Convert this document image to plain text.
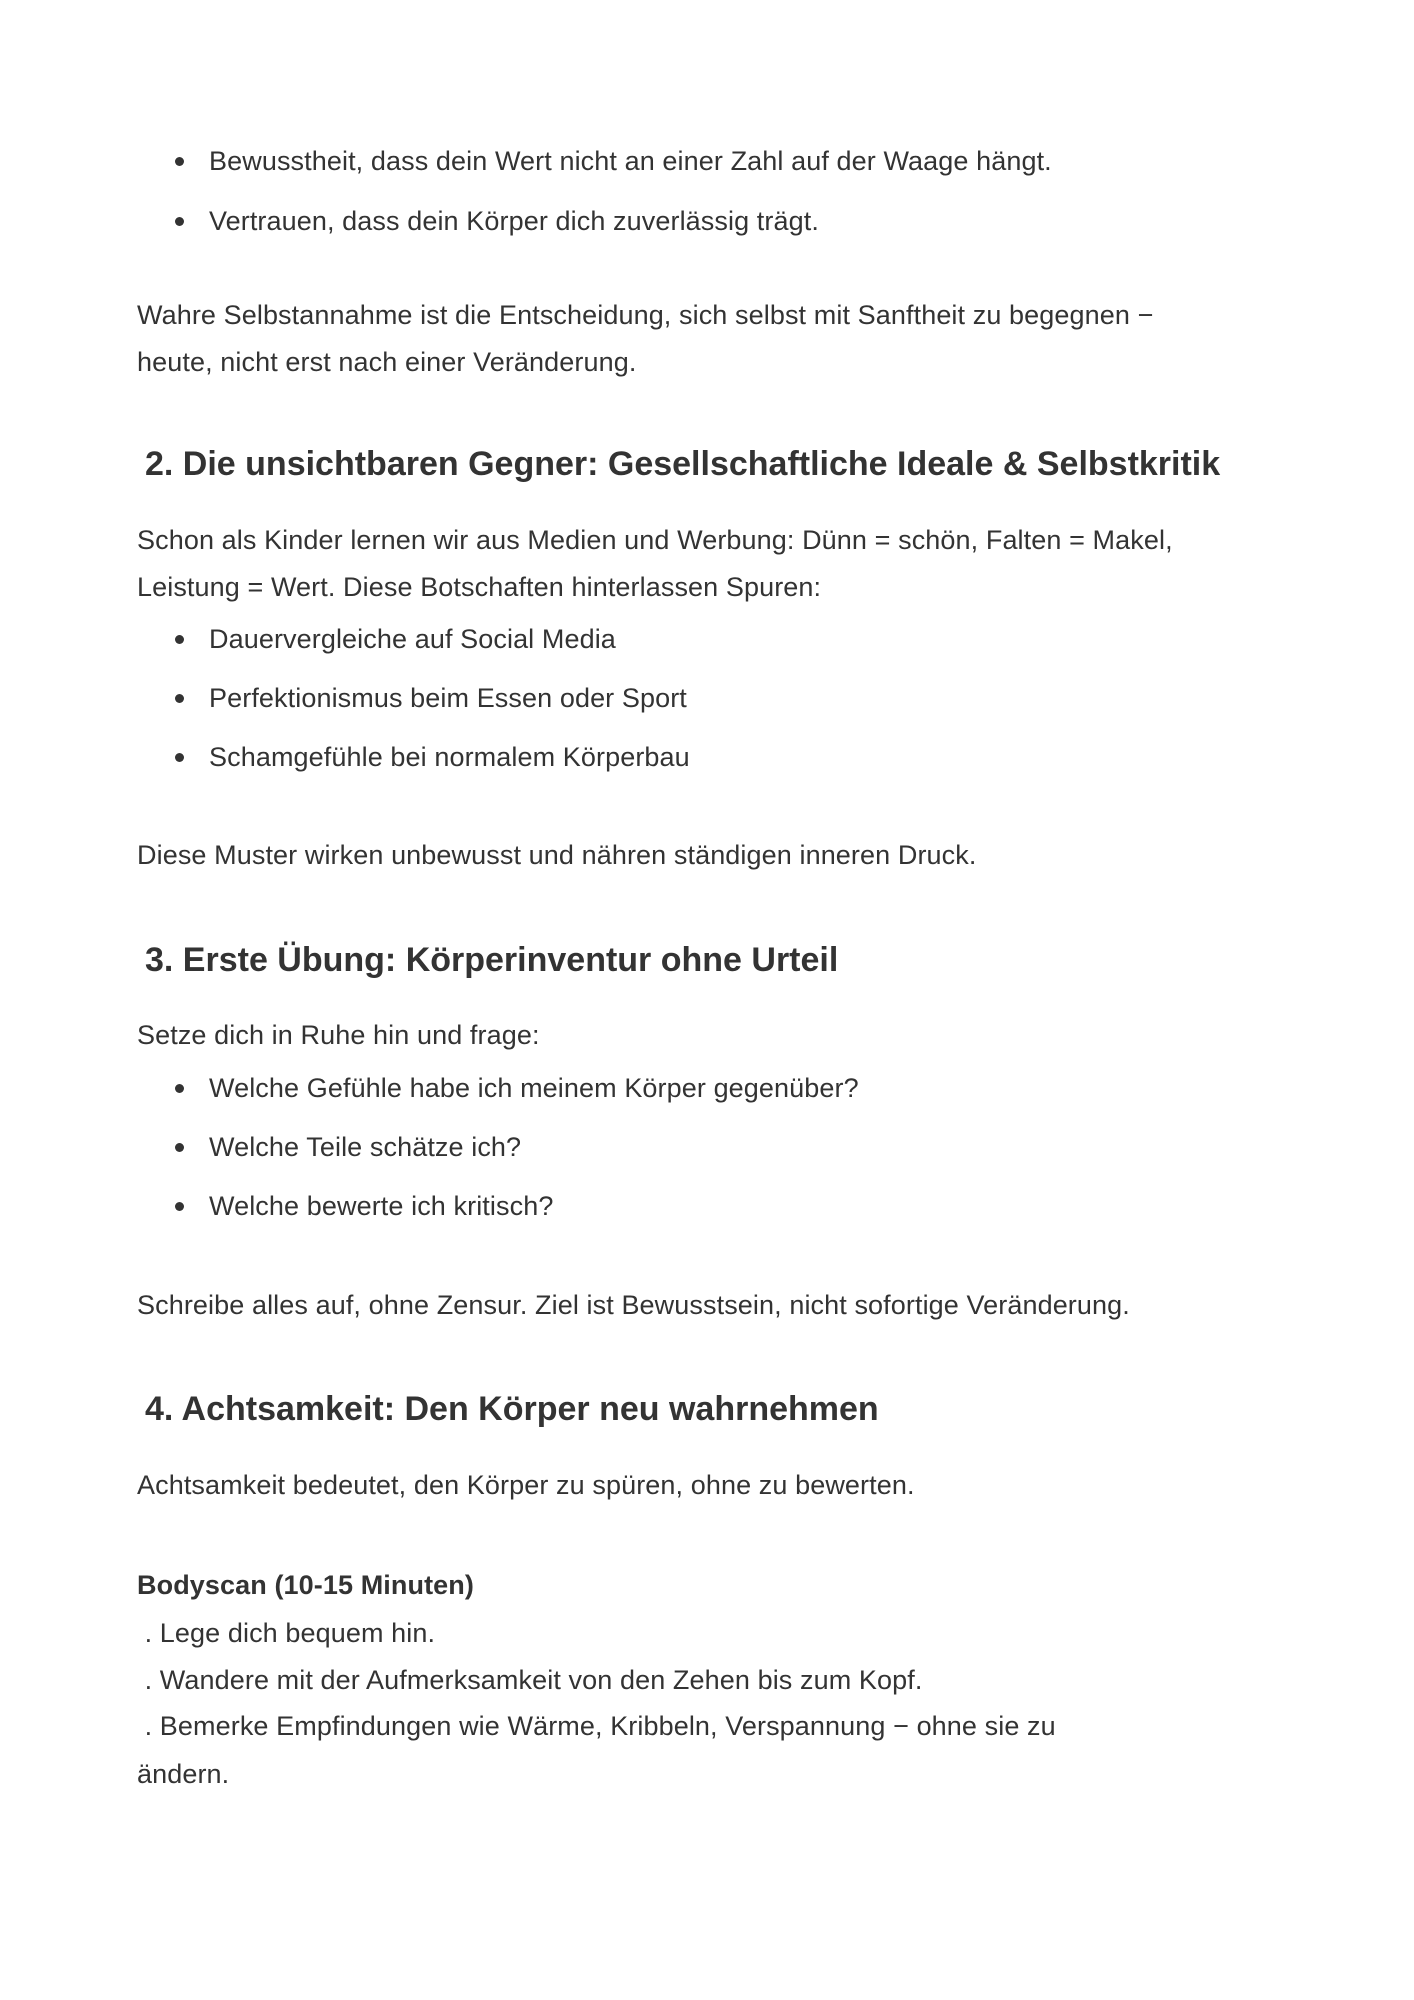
Bewusstheit, dass dein Wert nicht an einer Zahl auf der Waage hängt.
Vertrauen, dass dein Körper dich zuverlässig trägt.
Wahre Selbstannahme ist die Entscheidung, sich selbst mit Sanftheit zu begegnen −
heute, nicht erst nach einer Veränderung.
2. Die unsichtbaren Gegner: Gesellschaftliche Ideale & Selbstkritik
Schon als Kinder lernen wir aus Medien und Werbung: Dünn = schön, Falten = Makel,
Leistung = Wert. Diese Botschaften hinterlassen Spuren:
Dauervergleiche auf Social Media
Perfektionismus beim Essen oder Sport
Schamgefühle bei normalem Körperbau
Diese Muster wirken unbewusst und nähren ständigen inneren Druck.
3. Erste Übung: Körperinventur ohne Urteil
Setze dich in Ruhe hin und frage:
Welche Gefühle habe ich meinem Körper gegenüber?
Welche Teile schätze ich?
Welche bewerte ich kritisch?
Schreibe alles auf, ohne Zensur. Ziel ist Bewusstsein, nicht sofortige Veränderung.
4. Achtsamkeit: Den Körper neu wahrnehmen
Achtsamkeit bedeutet, den Körper zu spüren, ohne zu bewerten.
Bodyscan (10-15 Minuten)
. Lege dich bequem hin.
. Wandere mit der Aufmerksamkeit von den Zehen bis zum Kopf.
. Bemerke Empfindungen wie Wärme, Kribbeln, Verspannung − ohne sie zu
ändern.
